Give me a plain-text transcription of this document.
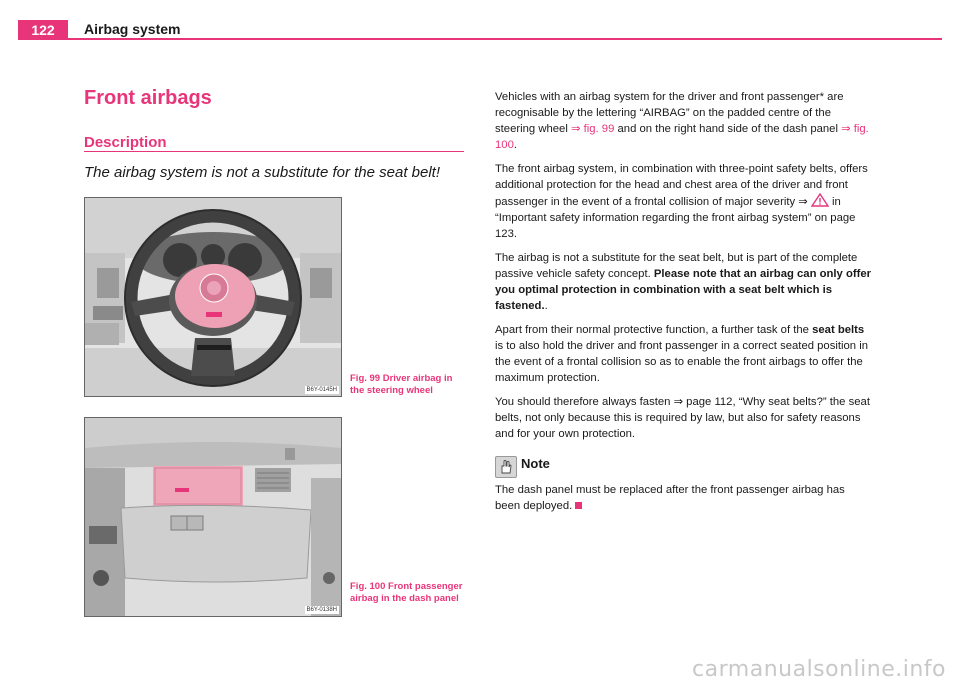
122	Airbag system
Front airbags
Description
The airbag system is not a substitute for the seat belt!
B6Y-0145H
Fig. 99 Driver airbag in the steering wheel
B6Y-0138H
Fig. 100 Front passenger airbag in the dash panel

Vehicles with an airbag system for the driver and front passenger* are recognisable by the lettering “AIRBAG” on the padded centre of the steering wheel ⇒ fig. 99 and on the right hand side of the dash panel ⇒ fig. 100.

The front airbag system, in combination with three-point safety belts, offers additional protection for the head and chest area of the driver and front passenger in the event of a frontal collision of major severity ⇒  in “Important safety information regarding the front airbag system” on page 123.

The airbag is not a substitute for the seat belt, but is part of the complete passive vehicle safety concept. Please note that an airbag can only offer you optimal protection in combination with a seat belt which is fastened..

Apart from their normal protective function, a further task of the seat belts is to also hold the driver and front passenger in a correct seated position in the event of a frontal collision so as to enable the front airbags to offer the maximum protection.

You should therefore always fasten ⇒ page 112, “Why seat belts?” the seat belts, not only because this is required by law, but also for safety reasons and for your own protection.

Note

The dash panel must be replaced after the front passenger airbag has been deployed.

carmanualsonline.info
